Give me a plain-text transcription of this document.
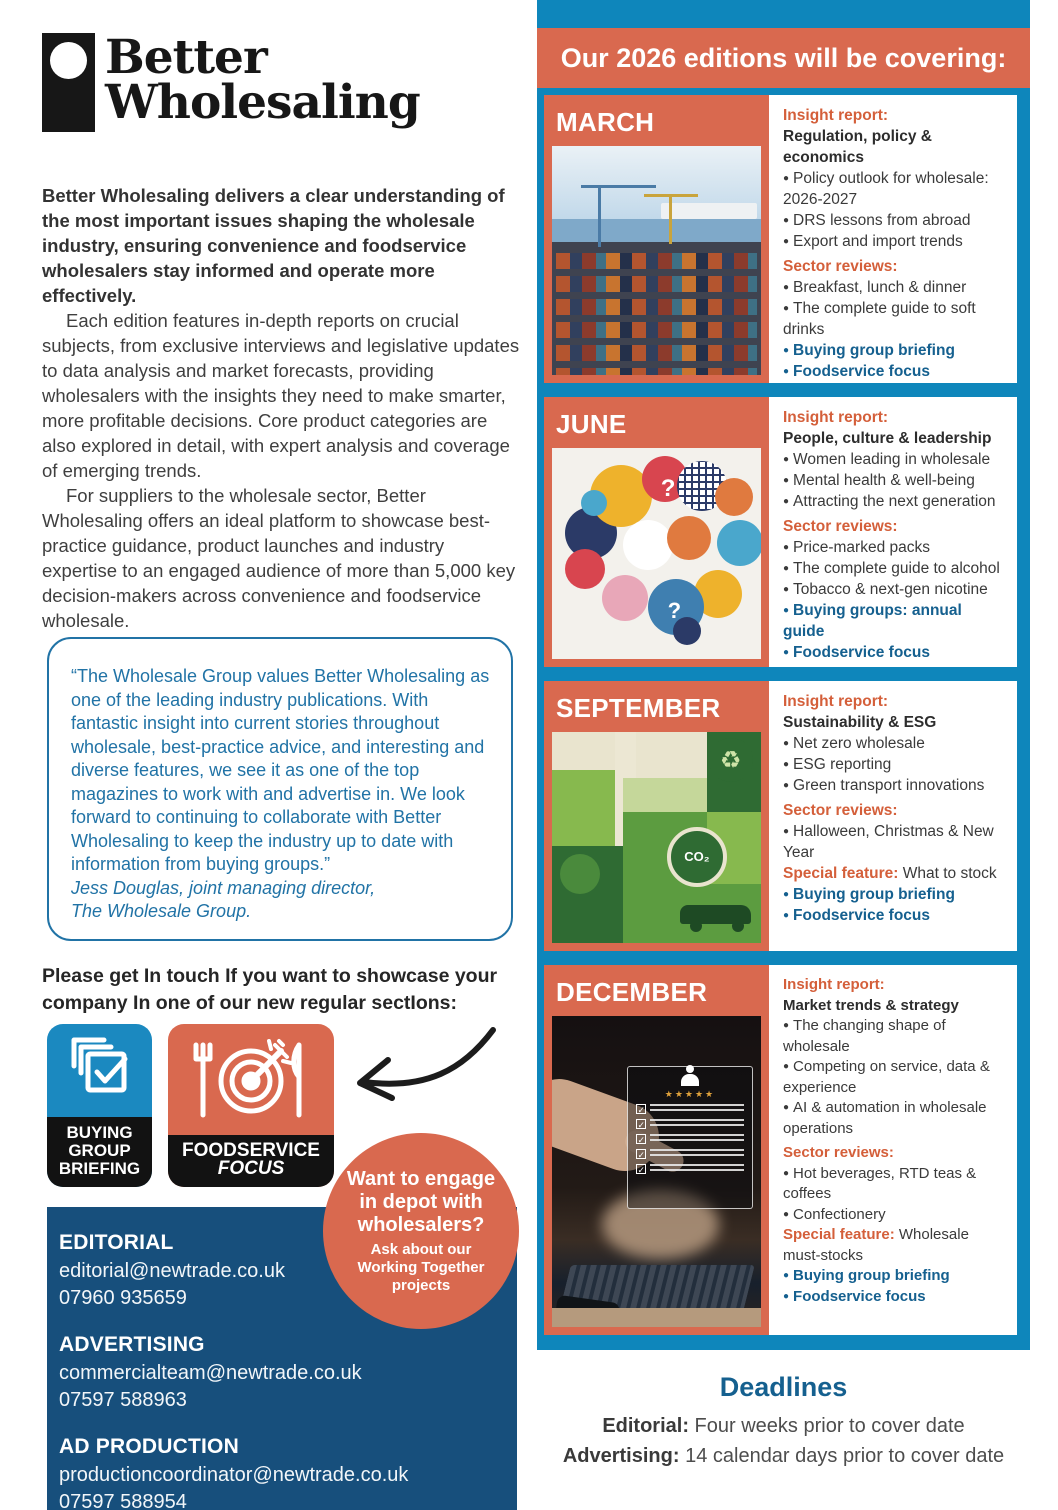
Better
Wholesaling

Better Wholesaling delivers a clear understanding of the most important issues shaping the wholesale industry, ensuring convenience and foodservice wholesalers stay informed and operate more effectively.

Each edition features in-depth reports on crucial subjects, from exclusive interviews and legislative updates to data analysis and market forecasts, providing wholesalers with the insights they need to make smarter, more profitable decisions. Core product categories are also explored in detail, with expert analysis and coverage of emerging trends.

For suppliers to the wholesale sector, Better Wholesaling offers an ideal platform to showcase best-practice guidance, product launches and industry expertise to an engaged audience of more than 5,000 key decision-makers across convenience and foodservice wholesale.

“The Wholesale Group values Better Wholesaling as one of the leading industry publications. With fantastic insight into current stories throughout wholesale, best-practice advice, and interesting and diverse features, we see it as one of the top magazines to work with and advertise in. We look forward to continuing to collaborate with Better Wholesaling to keep the industry up to date with information from buying groups.”

Jess Douglas, joint managing director,

The Wholesale Group.

Please get In touch If you want to showcase your company In one of our new regular sectIons:
BUYING
GROUP
BRIEFING
FOODSERVICE
FOCUS	Want to engage in depot with wholesalers?

Ask about our Working Together projects

EDITORIAL

editorial@newtrade.co.uk

07960 935659

ADVERTISING

commercialteam@newtrade.co.uk

07597 588963

AD PRODUCTION

productioncoordinator@newtrade.co.uk

07597 588954

Our 2026 editions will be covering:
MARCH	Insight report:

Regulation, policy & economics

● Policy outlook for wholesale: 2026-2027

● DRS lessons from abroad

● Export and import trends

Sector reviews:

● Breakfast, lunch & dinner

● The complete guide to soft drinks

● Buying group briefing

● Foodservice focus

JUNE
?
?

Insight report:

People, culture & leadership

● Women leading in wholesale

● Mental health & well-being

● Attracting the next generation

Sector reviews:

● Price-marked packs

● The complete guide to alcohol

● Tobacco & next-gen nicotine

● Buying groups: annual guide

● Foodservice focus

SEPTEMBER
♻
CO₂

Insight report:

Sustainability & ESG

● Net zero wholesale

● ESG reporting

● Green transport innovations

Sector reviews:

● Halloween, Christmas & New Year

Special feature: What to stock

● Buying group briefing

● Foodservice focus

DECEMBER
★★★★★
✓
✓
✓
✓
✓

Insight report:

Market trends & strategy

● The changing shape of wholesale

● Competing on service, data & experience

● AI & automation in wholesale operations

Sector reviews:

● Hot beverages, RTD teas & coffees

● Confectionery

Special feature: Wholesale must-stocks

● Buying group briefing

● Foodservice focus

Deadlines

Editorial: Four weeks prior to cover date

Advertising: 14 calendar days prior to cover date
